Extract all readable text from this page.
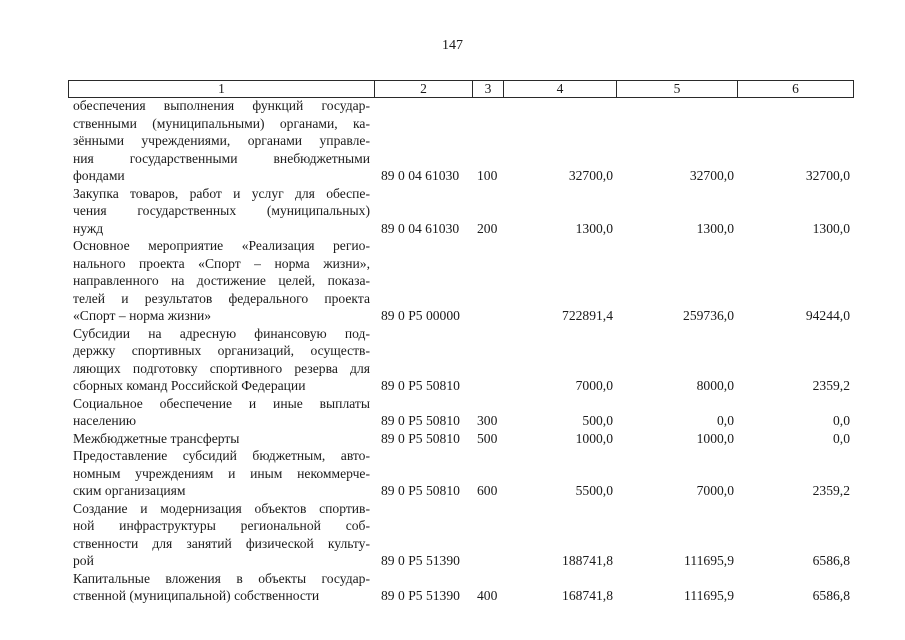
147
1	2	3	4	5	6
обеспечения выполнения функций государ-
ственными (муниципальными) органами, ка-
зёнными учреждениями, органами управле-
ния государственными внебюджетными
фондами	89 0 04 61030 100	32700,0	32700,0	32700,0
Закупка товаров, работ и услуг для обеспе-
чения государственных (муниципальных)
нужд	89 0 04 61030 200	1300,0	1300,0	1300,0
Основное мероприятие «Реализация регио-
нального проекта «Спорт – норма жизни»,
направленного на достижение целей, показа-
телей и результатов федерального проекта
«Спорт – норма жизни»	89 0 P5 00000	722891,4	259736,0	94244,0
Субсидии на адресную финансовую под-
держку спортивных организаций, осуществ-
ляющих подготовку спортивного резерва для
сборных команд Российской Федерации	89 0 P5 50810	7000,0	8000,0	2359,2
Социальное обеспечение и иные выплаты
населению	89 0 P5 50810 300	500,0	0,0	0,0
Межбюджетные трансферты	89 0 P5 50810 500	1000,0	1000,0	0,0
Предоставление субсидий бюджетным, авто-
номным учреждениям и иным некоммерче-
ским организациям	89 0 P5 50810 600	5500,0	7000,0	2359,2
Создание и модернизация объектов спортив-
ной инфраструктуры региональной соб-
ственности для занятий физической культу-
рой	89 0 P5 51390	188741,8	111695,9	6586,8
Капитальные вложения в объекты государ-
ственной (муниципальной) собственности	89 0 P5 51390 400	168741,8	111695,9	6586,8
